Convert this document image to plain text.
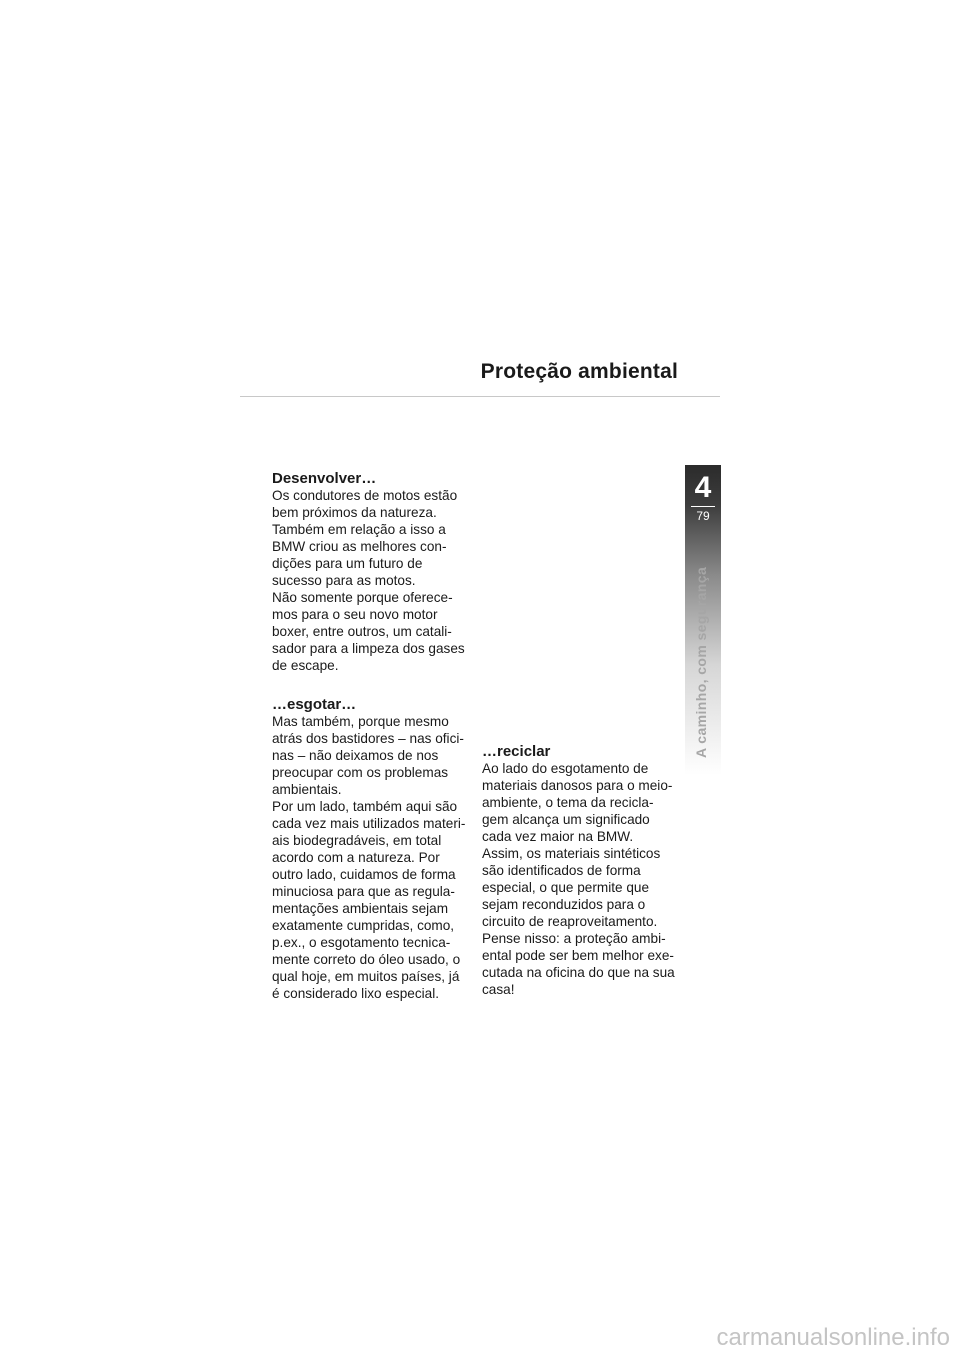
Proteção ambiental
Desenvolver…

Os condutores de motos estão
bem próximos da natureza.
Também em relação a isso a
BMW criou as melhores con-
dições para um futuro de
sucesso para as motos.
Não somente porque oferece-
mos para o seu novo motor
boxer, entre outros, um catali-
sador para a limpeza dos gases
de escape.

…esgotar…

Mas também, porque mesmo
atrás dos bastidores – nas ofici-
nas – não deixamos de nos
preocupar com os problemas
ambientais.
Por um lado, também aqui são
cada vez mais utilizados materi-
ais biodegradáveis, em total
acordo com a natureza. Por
outro lado, cuidamos de forma
minuciosa para que as regula-
mentações ambientais sejam
exatamente cumpridas, como,
p.ex., o esgotamento tecnica-
mente correto do óleo usado, o
qual hoje, em muitos países, já
é considerado lixo especial.

…reciclar

Ao lado do esgotamento de
materiais danosos para o meio-
ambiente, o tema da recicla-
gem alcança um significado
cada vez maior na BMW.
Assim, os materiais sintéticos
são identificados de forma
especial, o que permite que
sejam reconduzidos para o
circuito de reaproveitamento.
Pense nisso: a proteção ambi-
ental pode ser bem melhor exe-
cutada na oficina do que na sua
casa!

4
79
A caminho, com segurança
carmanualsonline.info
